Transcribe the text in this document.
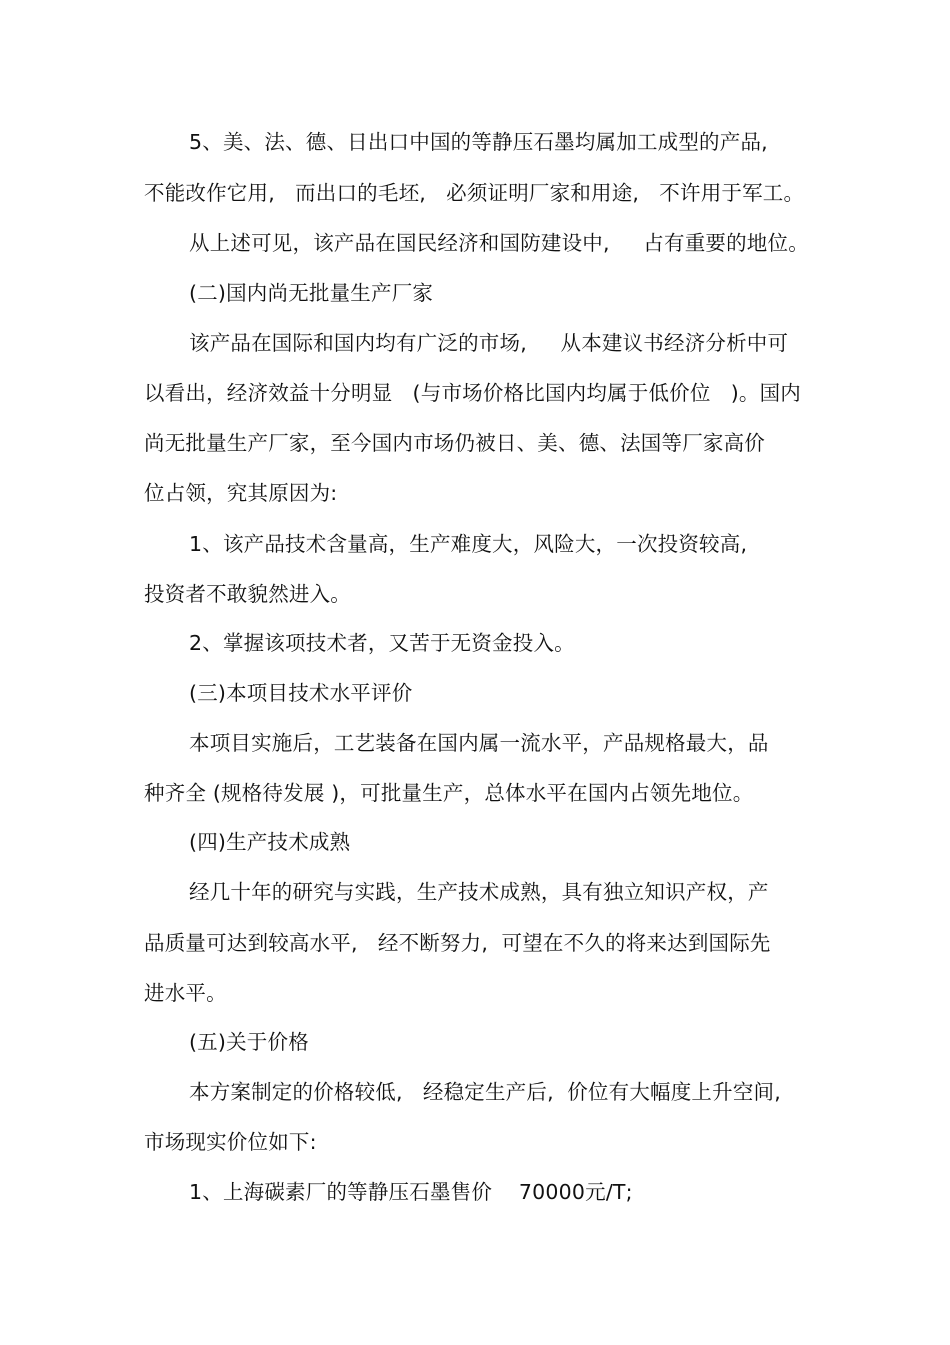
5、美、法、德、日出口中国的等静压石墨均属加工成型的产品,
不能改作它用,   而出口的毛坯,   必须证明厂家和用途,   不许用于军工。
从上述可见，该产品在国民经济和国防建设中,     占有重要的地位。
(二)国内尚无批量生产厂家
该产品在国际和国内均有广泛的市场,     从本建议书经济分析中可
以看出，经济效益十分明显   (与市场价格比国内均属于低价位   )。国内
尚无批量生产厂家，至今国内市场仍被日、美、德、法国等厂家高价
位占领，究其原因为:
1、该产品技术含量高，生产难度大，风险大，一次投资较高,
投资者不敢貌然进入。
2、掌握该项技术者，又苦于无资金投入。
(三)本项目技术水平评价
本项目实施后，工艺装备在国内属一流水平，产品规格最大，品
种齐全 (规格待发展 )，可批量生产，总体水平在国内占领先地位。
(四)生产技术成熟
经几十年的研究与实践，生产技术成熟，具有独立知识产权，产
品质量可达到较高水平,   经不断努力,  可望在不久的将来达到国际先
进水平。
(五)关于价格
本方案制定的价格较低,   经稳定生产后,  价位有大幅度上升空间,
市场现实价位如下:
1、上海碳素厂的等静压石墨售价    70000元/T;
